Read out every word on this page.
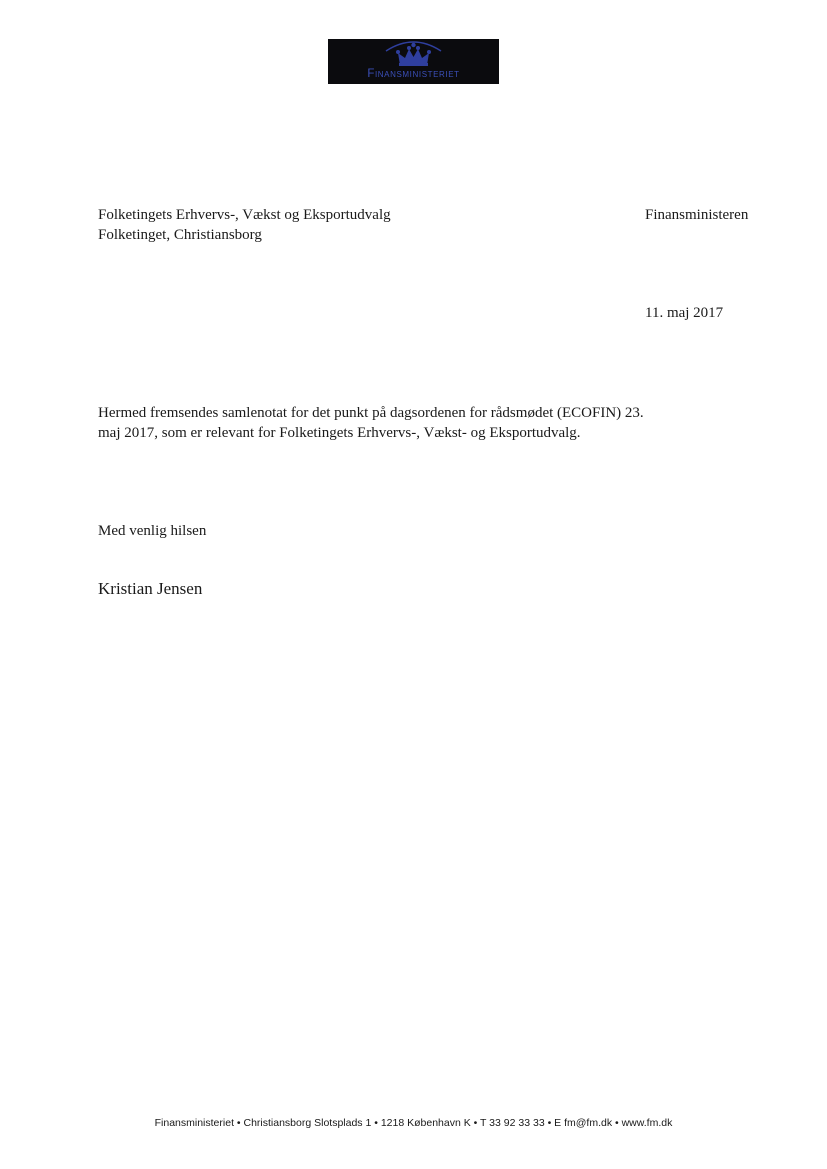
Finansministeriet
Folketingets Erhvervs-, Vækst og Eksportudvalg
Folketinget, Christiansborg
Finansministeren
11. maj 2017
Hermed fremsendes samlenotat for det punkt på dagsordenen for rådsmødet (ECOFIN) 23. maj 2017, som er relevant for Folketingets Erhvervs-, Vækst- og Eksportudvalg.
Med venlig hilsen
Kristian Jensen
Finansministeriet • Christiansborg Slotsplads 1 • 1218 København K • T 33 92 33 33 • E fm@fm.dk • www.fm.dk
